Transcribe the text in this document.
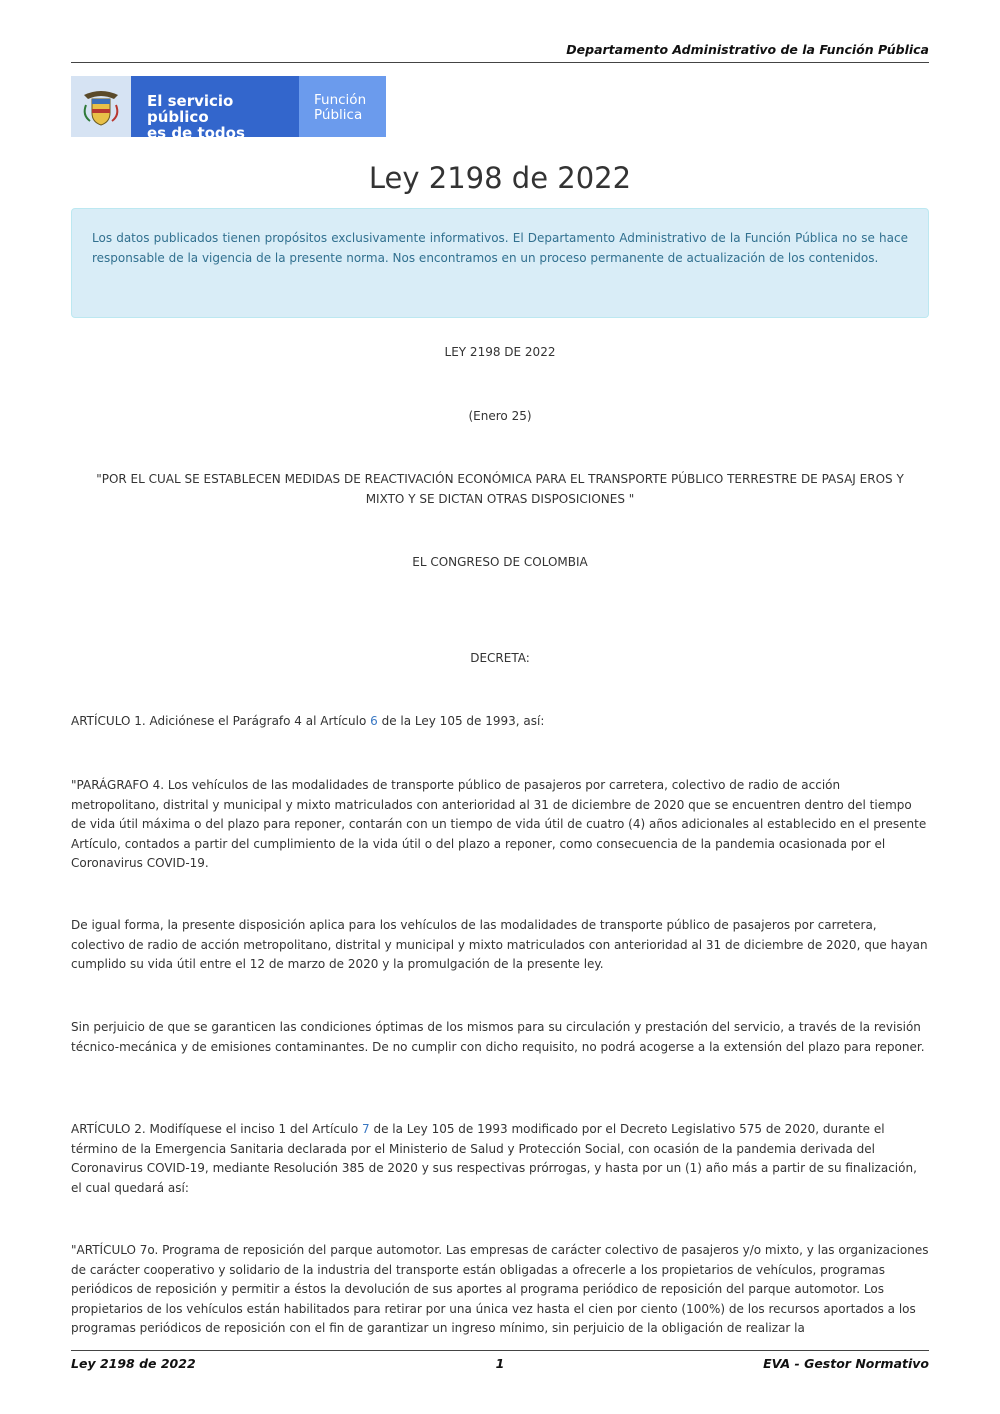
Departamento Administrativo de la Función Pública
El servicio público
es de todos
Función
Pública
Ley 2198 de 2022
Los datos publicados tienen propósitos exclusivamente informativos. El Departamento Administrativo de la Función Pública no se hace responsable de la vigencia de la presente norma. Nos encontramos en un proceso permanente de actualización de los contenidos.
LEY 2198 DE 2022
(Enero 25)
"POR EL CUAL SE ESTABLECEN MEDIDAS DE REACTIVACIÓN ECONÓMICA PARA EL TRANSPORTE PÚBLICO TERRESTRE DE PASAJ EROS Y MIXTO Y SE DICTAN OTRAS DISPOSICIONES "
EL CONGRESO DE COLOMBIA
DECRETA:
ARTÍCULO 1. Adiciónese el Parágrafo 4 al Artículo 6 de la Ley 105 de 1993, así:
"PARÁGRAFO 4. Los vehículos de las modalidades de transporte público de pasajeros por carretera, colectivo de radio de acción metropolitano, distrital y municipal y mixto matriculados con anterioridad al 31 de diciembre de 2020 que se encuentren dentro del tiempo de vida útil máxima o del plazo para reponer, contarán con un tiempo de vida útil de cuatro (4) años adicionales al establecido en el presente Artículo, contados a partir del cumplimiento de la vida útil o del plazo a reponer, como consecuencia de la pandemia ocasionada por el Coronavirus COVID-19.
De igual forma, la presente disposición aplica para los vehículos de las modalidades de transporte público de pasajeros por carretera, colectivo de radio de acción metropolitano, distrital y municipal y mixto matriculados con anterioridad al 31 de diciembre de 2020, que hayan cumplido su vida útil entre el 12 de marzo de 2020 y la promulgación de la presente ley.
Sin perjuicio de que se garanticen las condiciones óptimas de los mismos para su circulación y prestación del servicio, a través de la revisión técnico-mecánica y de emisiones contaminantes. De no cumplir con dicho requisito, no podrá acogerse a la extensión del plazo para reponer.
ARTÍCULO 2. Modifíquese el inciso 1 del Artículo 7 de la Ley 105 de 1993 modificado por el Decreto Legislativo 575 de 2020, durante el término de la Emergencia Sanitaria declarada por el Ministerio de Salud y Protección Social, con ocasión de la pandemia derivada del Coronavirus COVID-19, mediante Resolución 385 de 2020 y sus respectivas prórrogas, y hasta por un (1) año más a partir de su finalización, el cual quedará así:
"ARTÍCULO 7o. Programa de reposición del parque automotor. Las empresas de carácter colectivo de pasajeros y/o mixto, y las organizaciones de carácter cooperativo y solidario de la industria del transporte están obligadas a ofrecerle a los propietarios de vehículos, programas periódicos de reposición y permitir a éstos la devolución de sus aportes al programa periódico de reposición del parque automotor. Los propietarios de los vehículos están habilitados para retirar por una única vez hasta el cien por ciento (100%) de los recursos aportados a los programas periódicos de reposición con el fin de garantizar un ingreso mínimo, sin perjuicio de la obligación de realizar la
Ley 2198 de 2022	1	EVA - Gestor Normativo
